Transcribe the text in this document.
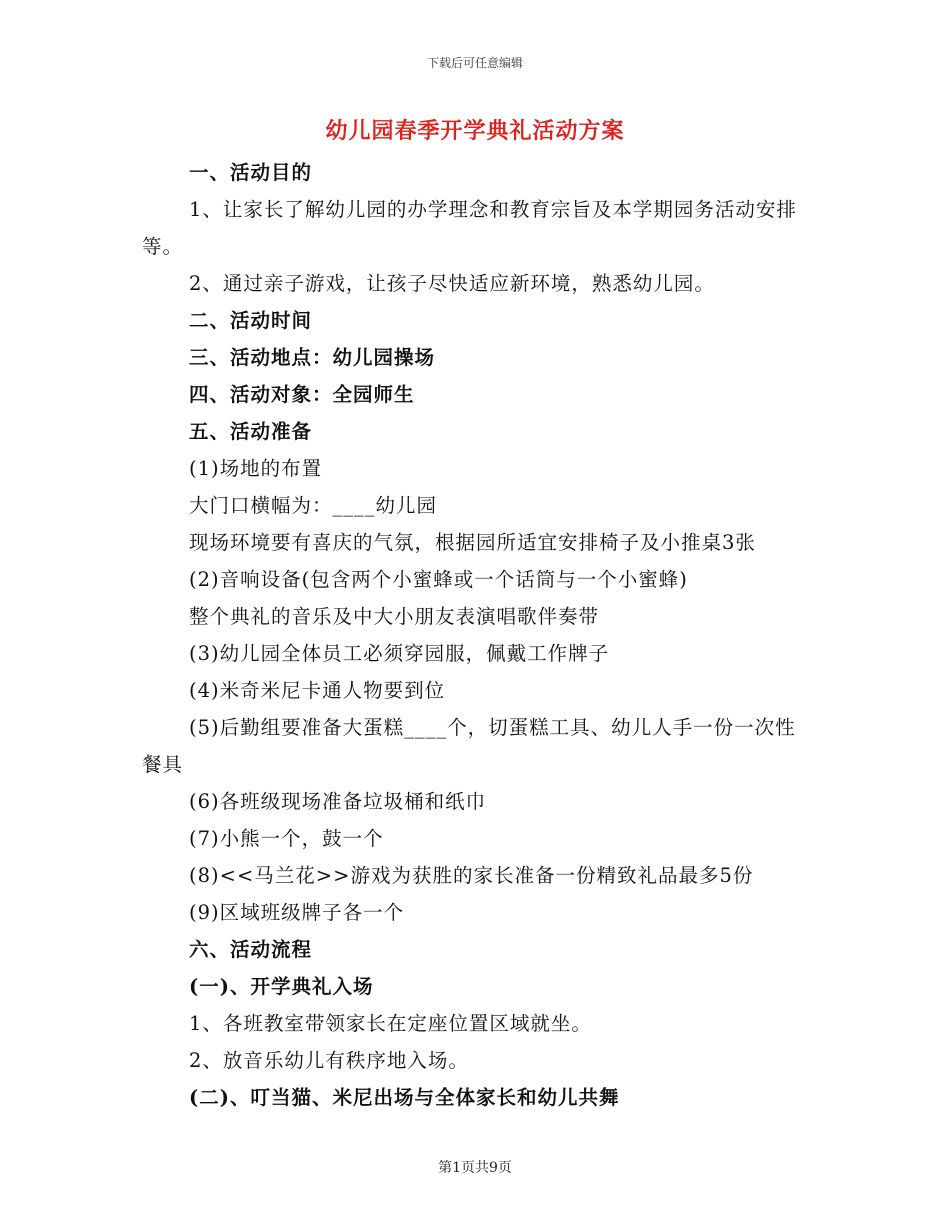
下载后可任意编辑
幼儿园春季开学典礼活动方案

一、活动目的

1、让家长了解幼儿园的办学理念和教育宗旨及本学期园务活动安排等。

2、通过亲子游戏，让孩子尽快适应新环境，熟悉幼儿园。

二、活动时间

三、活动地点：幼儿园操场

四、活动对象：全园师生

五、活动准备

(1)场地的布置

大门口横幅为：____幼儿园

现场环境要有喜庆的气氛，根据园所适宜安排椅子及小推桌3张

(2)音响设备(包含两个小蜜蜂或一个话筒与一个小蜜蜂)

整个典礼的音乐及中大小朋友表演唱歌伴奏带

(3)幼儿园全体员工必须穿园服，佩戴工作牌子

(4)米奇米尼卡通人物要到位

(5)后勤组要准备大蛋糕____个，切蛋糕工具、幼儿人手一份一次性餐具

(6)各班级现场准备垃圾桶和纸巾

(7)小熊一个，鼓一个

(8)<<马兰花>>游戏为获胜的家长准备一份精致礼品最多5份

(9)区域班级牌子各一个

六、活动流程

(一)、开学典礼入场

1、各班教室带领家长在定座位置区域就坐。

2、放音乐幼儿有秩序地入场。

(二)、叮当猫、米尼出场与全体家长和幼儿共舞

第1页共9页
